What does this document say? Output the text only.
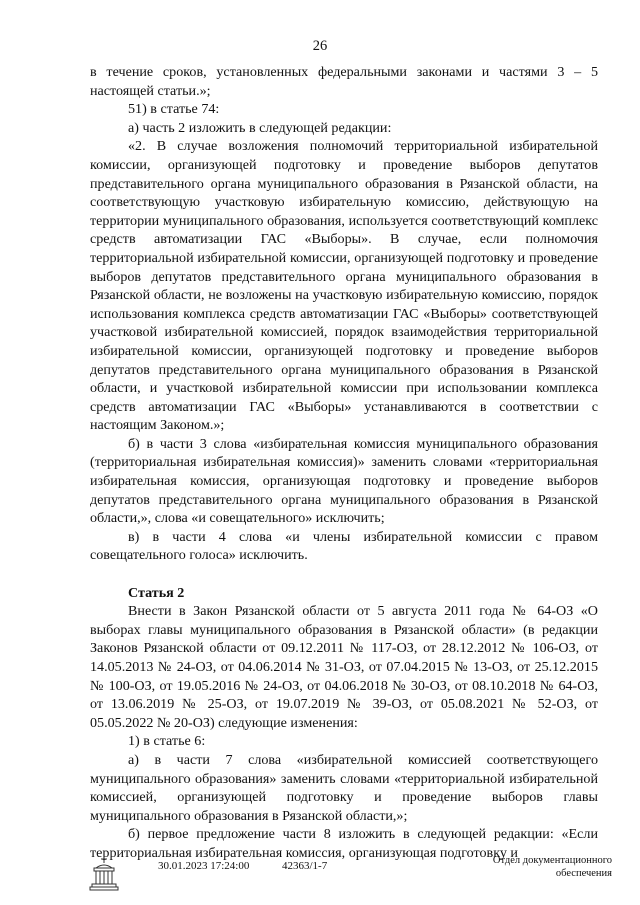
26

в течение сроков, установленных федеральными законами и частями 3 – 5 настоящей статьи.»;

51) в статье 74:

а) часть 2 изложить в следующей редакции:

«2. В случае возложения полномочий территориальной избирательной комиссии, организующей подготовку и проведение выборов депутатов представительного органа муниципального образования в Рязанской области, на соответствующую участковую избирательную комиссию, действующую на территории муниципального образования, используется соответствующий комплекс средств автоматизации ГАС «Выборы». В случае, если полномочия территориальной избирательной комиссии, организующей подготовку и проведение выборов депутатов представительного органа муниципального образования в Рязанской области, не возложены на участковую избирательную комиссию, порядок использования комплекса средств автоматизации ГАС «Выборы» соответствующей участковой избирательной комиссией, порядок взаимодействия территориальной избирательной комиссии, организующей подготовку и проведение выборов депутатов представительного органа муниципального образования в Рязанской области, и участковой избирательной комиссии при использовании комплекса средств автоматизации ГАС «Выборы» устанавливаются в соответствии с настоящим Законом.»;

б) в части 3 слова «избирательная комиссия муниципального образования (территориальная избирательная комиссия)» заменить словами «территориальная избирательная комиссия, организующая подготовку и проведение выборов депутатов представительного органа муниципального образования в Рязанской области,», слова «и совещательного» исключить;

в) в части 4 слова «и члены избирательной комиссии с правом совещательного голоса» исключить.

Статья 2

Внести в Закон Рязанской области от 5 августа 2011 года № 64-ОЗ «О выборах главы муниципального образования в Рязанской области» (в редакции Законов Рязанской области от 09.12.2011 № 117-ОЗ, от 28.12.2012 № 106-ОЗ, от 14.05.2013 № 24-ОЗ, от 04.06.2014 № 31-ОЗ, от 07.04.2015 № 13-ОЗ, от 25.12.2015 № 100-ОЗ, от 19.05.2016 № 24-ОЗ, от 04.06.2018 № 30-ОЗ, от 08.10.2018 № 64-ОЗ, от 13.06.2019 № 25-ОЗ, от 19.07.2019 № 39-ОЗ, от 05.08.2021 № 52-ОЗ, от 05.05.2022 № 20-ОЗ) следующие изменения:

1) в статье 6:

а) в части 7 слова «избирательной комиссией соответствующего муниципального образования» заменить словами «территориальной избирательной комиссией, организующей подготовку и проведение выборов главы муниципального образования в Рязанской области,»;

б) первое предложение части 8 изложить в следующей редакции: «Если территориальная избирательная комиссия, организующая подготовку и

30.01.2023 17:24:00	42363/1-7	Отдел документационного
обеспечения
